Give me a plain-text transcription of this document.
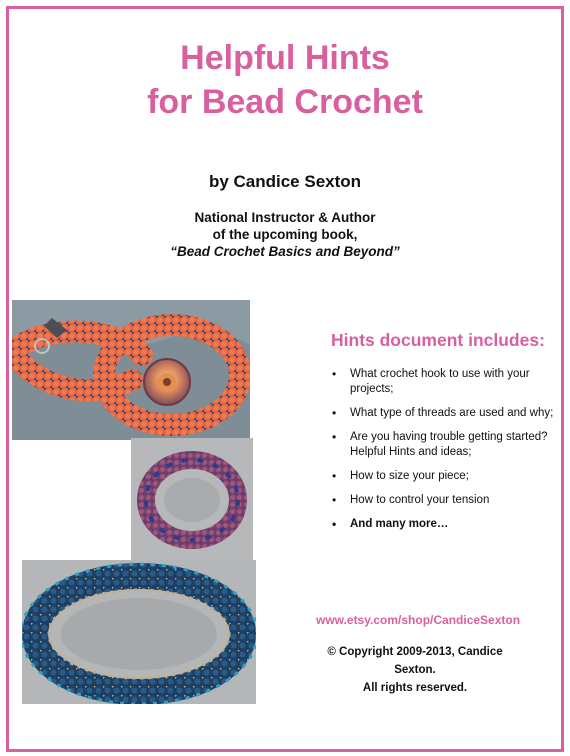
Helpful Hints
for Bead Crochet
by Candice Sexton
National Instructor & Author
of the upcoming book,
“Bead Crochet Basics and Beyond”
Hints document includes:
• What crochet hook to use with your projects;
• What type of threads are used and why;
• Are you having trouble getting started? Helpful Hints and ideas;
• How to size your piece;
• How to control your tension
• And many more…
www.etsy.com/shop/CandiceSexton
© Copyright 2009-2013, Candice Sexton.
All rights reserved.
